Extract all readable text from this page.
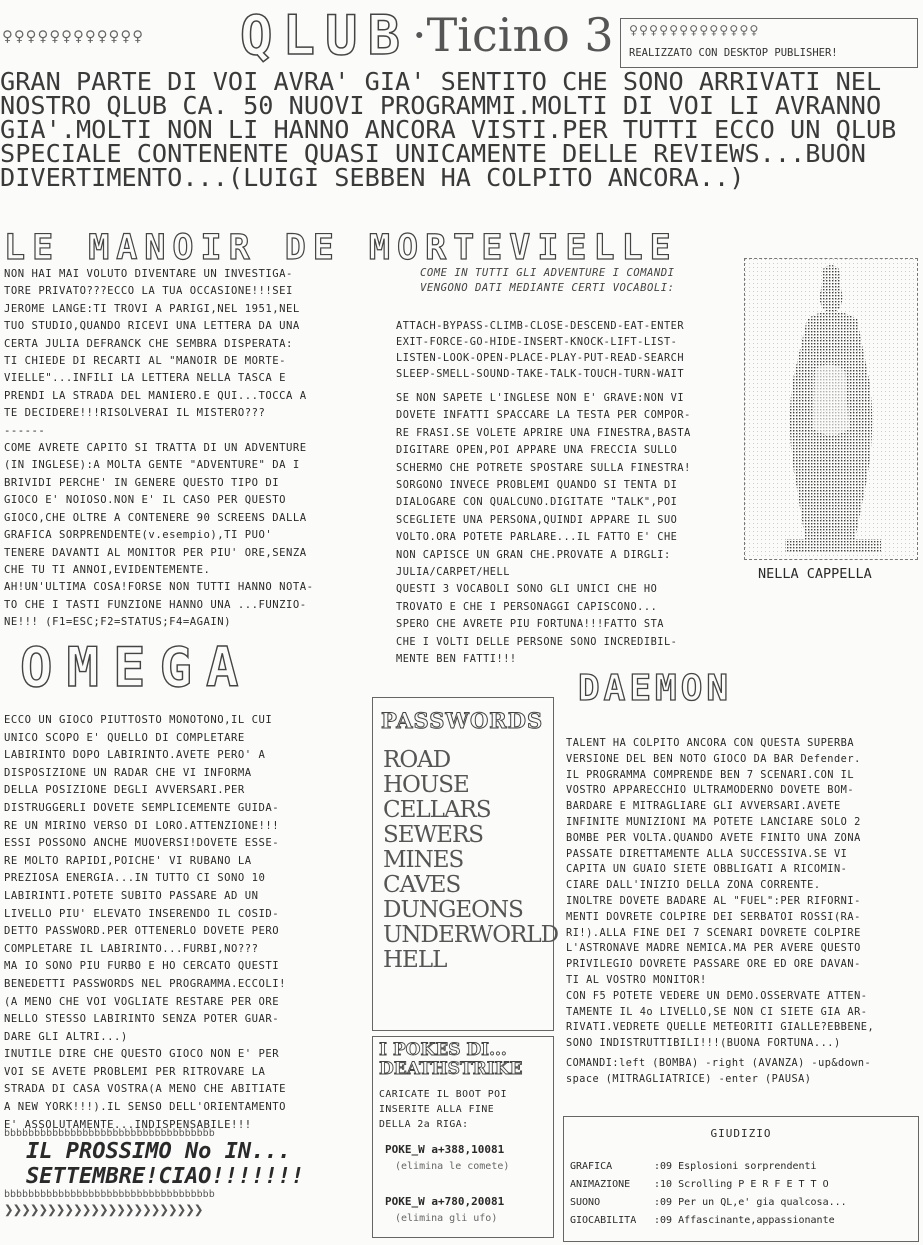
♀♀♀♀♀♀♀♀♀♀♀♀ QLUB ·Ticino 3 ♀♀♀♀♀♀♀♀♀♀♀♀♀
REALIZZATO CON DESKTOP PUBLISHER!
GRAN PARTE DI VOI AVRA' GIA' SENTITO CHE SONO ARRIVATI NEL
NOSTRO QLUB CA. 50 NUOVI PROGRAMMI.MOLTI DI VOI LI AVRANNO
GIA'.MOLTI NON LI HANNO ANCORA VISTI.PER TUTTI ECCO UN QLUB
SPECIALE CONTENENTE QUASI UNICAMENTE DELLE REVIEWS...BUON
DIVERTIMENTO...(LUIGI SEBBEN HA COLPITO ANCORA..)
LE MANOIR DE MORTEVIELLE
NON HAI MAI VOLUTO DIVENTARE UN INVESTIGA-
TORE PRIVATO???ECCO LA TUA OCCASIONE!!!SEI
JEROME LANGE:TI TROVI A PARIGI,NEL 1951,NEL
TUO STUDIO,QUANDO RICEVI UNA LETTERA DA UNA
CERTA JULIA DEFRANCK CHE SEMBRA DISPERATA:
TI CHIEDE DI RECARTI AL "MANOIR DE MORTE-
VIELLE"...INFILI LA LETTERA NELLA TASCA E
PRENDI LA STRADA DEL MANIERO.E QUI...TOCCA A
TE DECIDERE!!!RISOLVERAI IL MISTERO???
------
COME AVRETE CAPITO SI TRATTA DI UN ADVENTURE
(IN INGLESE):A MOLTA GENTE "ADVENTURE" DA I
BRIVIDI PERCHE' IN GENERE QUESTO TIPO DI
GIOCO E' NOIOSO.NON E' IL CASO PER QUESTO
GIOCO,CHE OLTRE A CONTENERE 90 SCREENS DALLA
GRAFICA SORPRENDENTE(v.esempio),TI PUO'
TENERE DAVANTI AL MONITOR PER PIU' ORE,SENZA
CHE TU TI ANNOI,EVIDENTEMENTE.
AH!UN'ULTIMA COSA!FORSE NON TUTTI HANNO NOTA-
TO CHE I TASTI FUNZIONE HANNO UNA ...FUNZIO-
NE!!! (F1=ESC;F2=STATUS;F4=AGAIN)
COME IN TUTTI GLI ADVENTURE I COMANDI
VENGONO DATI MEDIANTE CERTI VOCABOLI:
ATTACH-BYPASS-CLIMB-CLOSE-DESCEND-EAT-ENTER
EXIT-FORCE-GO-HIDE-INSERT-KNOCK-LIFT-LIST-
LISTEN-LOOK-OPEN-PLACE-PLAY-PUT-READ-SEARCH
SLEEP-SMELL-SOUND-TAKE-TALK-TOUCH-TURN-WAIT
SE NON SAPETE L'INGLESE NON E' GRAVE:NON VI
DOVETE INFATTI SPACCARE LA TESTA PER COMPOR-
RE FRASI.SE VOLETE APRIRE UNA FINESTRA,BASTA
DIGITARE OPEN,POI APPARE UNA FRECCIA SULLO
SCHERMO CHE POTRETE SPOSTARE SULLA FINESTRA!
SORGONO INVECE PROBLEMI QUANDO SI TENTA DI
DIALOGARE CON QUALCUNO.DIGITATE "TALK",POI
SCEGLIETE UNA PERSONA,QUINDI APPARE IL SUO
VOLTO.ORA POTETE PARLARE...IL FATTO E' CHE
NON CAPISCE UN GRAN CHE.PROVATE A DIRGLI:
JULIA/CARPET/HELL
QUESTI 3 VOCABOLI SONO GLI UNICI CHE HO
TROVATO E CHE I PERSONAGGI CAPISCONO...
SPERO CHE AVRETE PIU FORTUNA!!!FATTO STA
CHE I VOLTI DELLE PERSONE SONO INCREDIBIL-
MENTE BEN FATTI!!!
NELLA CAPPELLA
OMEGA
ECCO UN GIOCO PIUTTOSTO MONOTONO,IL CUI
UNICO SCOPO E' QUELLO DI COMPLETARE
LABIRINTO DOPO LABIRINTO.AVETE PERO' A
DISPOSIZIONE UN RADAR CHE VI INFORMA
DELLA POSIZIONE DEGLI AVVERSARI.PER
DISTRUGGERLI DOVETE SEMPLICEMENTE GUIDA-
RE UN MIRINO VERSO DI LORO.ATTENZIONE!!!
ESSI POSSONO ANCHE MUOVERSI!DOVETE ESSE-
RE MOLTO RAPIDI,POICHE' VI RUBANO LA
PREZIOSA ENERGIA...IN TUTTO CI SONO 10
LABIRINTI.POTETE SUBITO PASSARE AD UN
LIVELLO PIU' ELEVATO INSERENDO IL COSID-
DETTO PASSWORD.PER OTTENERLO DOVETE PERO
COMPLETARE IL LABIRINTO...FURBI,NO???
MA IO SONO PIU FURBO E HO CERCATO QUESTI
BENEDETTI PASSWORDS NEL PROGRAMMA.ECCOLI!
(A MENO CHE VOI VOGLIATE RESTARE PER ORE
NELLO STESSO LABIRINTO SENZA POTER GUAR-
DARE GLI ALTRI...)
INUTILE DIRE CHE QUESTO GIOCO NON E' PER
VOI SE AVETE PROBLEMI PER RITROVARE LA
STRADA DI CASA VOSTRA(A MENO CHE ABITIATE
A NEW YORK!!!).IL SENSO DELL'ORIENTAMENTO
E' ASSOLUTAMENTE...INDISPENSABILE!!!
bbbbbbbbbbbbbbbbbbbbbbbbbbbbbbbbbbb
IL PROSSIMO No IN...
SETTEMBRE!CIAO!!!!!!!
bbbbbbbbbbbbbbbbbbbbbbbbbbbbbbbbbbb
❯❯❯❯❯❯❯❯❯❯❯❯❯❯❯❯❯❯❯❯❯❯❯
PASSWORDS
ROAD
HOUSE
CELLARS
SEWERS
MINES
CAVES
DUNGEONS
UNDERWORLD
HELL
I POKES DI... DEATHSTRIKE
CARICATE IL BOOT POI
INSERITE ALLA FINE
DELLA 2a RIGA:
POKE_W a+388,10081
(elimina le comete)
POKE_W a+780,20081
(elimina gli ufo)
DAEMON
TALENT HA COLPITO ANCORA CON QUESTA SUPERBA
VERSIONE DEL BEN NOTO GIOCO DA BAR Defender.
IL PROGRAMMA COMPRENDE BEN 7 SCENARI.CON IL
VOSTRO APPARECCHIO ULTRAMODERNO DOVETE BOM-
BARDARE E MITRAGLIARE GLI AVVERSARI.AVETE
INFINITE MUNIZIONI MA POTETE LANCIARE SOLO 2
BOMBE PER VOLTA.QUANDO AVETE FINITO UNA ZONA
PASSATE DIRETTAMENTE ALLA SUCCESSIVA.SE VI
CAPITA UN GUAIO SIETE OBBLIGATI A RICOMIN-
CIARE DALL'INIZIO DELLA ZONA CORRENTE.
INOLTRE DOVETE BADARE AL "FUEL":PER RIFORNI-
MENTI DOVRETE COLPIRE DEI SERBATOI ROSSI(RA-
RI!).ALLA FINE DEI 7 SCENARI DOVRETE COLPIRE
L'ASTRONAVE MADRE NEMICA.MA PER AVERE QUESTO
PRIVILEGIO DOVRETE PASSARE ORE ED ORE DAVAN-
TI AL VOSTRO MONITOR!
CON F5 POTETE VEDERE UN DEMO.OSSERVATE ATTEN-
TAMENTE IL 4o LIVELLO,SE NON CI SIETE GIA AR-
RIVATI.VEDRETE QUELLE METEORITI GIALLE?EBBENE,
SONO INDISTRUTTIBILI!!!(BUONA FORTUNA...)
COMANDI:left (BOMBA) -right (AVANZA) -up&down-
space (MITRAGLIATRICE) -enter (PAUSA)
GIUDIZIO
GRAFICA	:09 Esplosioni sorprendenti
ANIMAZIONE	:10 Scrolling P E R F E T T O
SUONO	:09 Per un QL,e' gia qualcosa...
GIOCABILITA	:09 Affascinante,appassionante
